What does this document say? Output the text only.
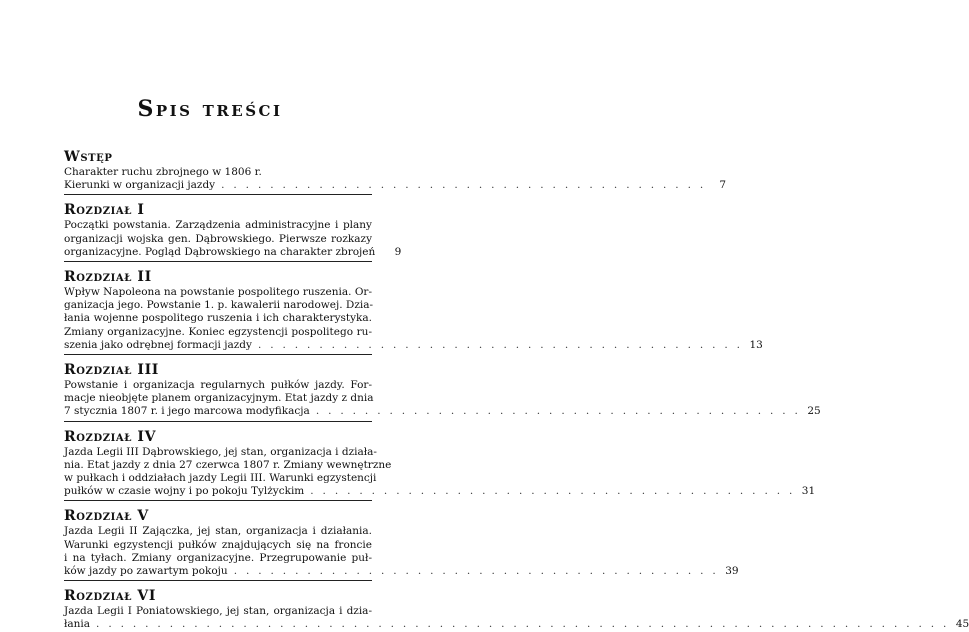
Spis treści
Wstęp
Charakter ruchu zbrojnego w 1806 r.
Kierunki w organizacji jazdy . . . . . . . . . . . . . . . . . . . . . . . . . . . . . . . . . . . . . . . .	7
Rozdział I
Początki powstania. Zarządzenia administracyjne i plany
organizacji wojska gen. Dąbrowskiego. Pierwsze rozkazy
organizacyjne. Pogląd Dąbrowskiego na charakter zbrojeń	9
Rozdział II
Wpływ Napoleona na powstanie pospolitego ruszenia. Or-
ganizacja jego. Powstanie 1. p. kawalerii narodowej. Dzia-
łania wojenne pospolitego ruszenia i ich charakterystyka.
Zmiany organizacyjne. Koniec egzystencji pospolitego ru-
szenia jako odrębnej formacji jazdy . . . . . . . . . . . . . . . . . . . . . . . . . . . . . . . . . . . . . . . . 13
Rozdział III
Powstanie i organizacja regularnych pułków jazdy. For-
macje nieobjęte planem organizacyjnym. Etat jazdy z dnia
7 stycznia 1807 r. i jego marcowa modyfikacja . . . . . . . . . . . . . . . . . . . . . . . . . . . . . . . . . . . . . . . . 25
Rozdział IV
Jazda Legii III Dąbrowskiego, jej stan, organizacja i działa-
nia. Etat jazdy z dnia 27 czerwca 1807 r. Zmiany wewnętrzne
w pułkach i oddziałach jazdy Legii III. Warunki egzystencji
pułków w czasie wojny i po pokoju Tylżyckim . . . . . . . . . . . . . . . . . . . . . . . . . . . . . . . . . . . . . . . . 31
Rozdział V
Jazda Legii II Zajączka, jej stan, organizacja i działania.
Warunki egzystencji pułków znajdujących się na froncie
i na tyłach. Zmiany organizacyjne. Przegrupowanie puł-
ków jazdy po zawartym pokoju . . . . . . . . . . . . . . . . . . . . . . . . . . . . . . . . . . . . . . . . 39
Rozdział VI
Jazda Legii I Poniatowskiego, jej stan, organizacja i dzia-
łania . . . . . . . . . . . . . . . . . . . . . . . . . . . . . . . . . . . . . . . . . . . . . . . . . . . . . . . . . . . . . . . . . . . . . . 45
